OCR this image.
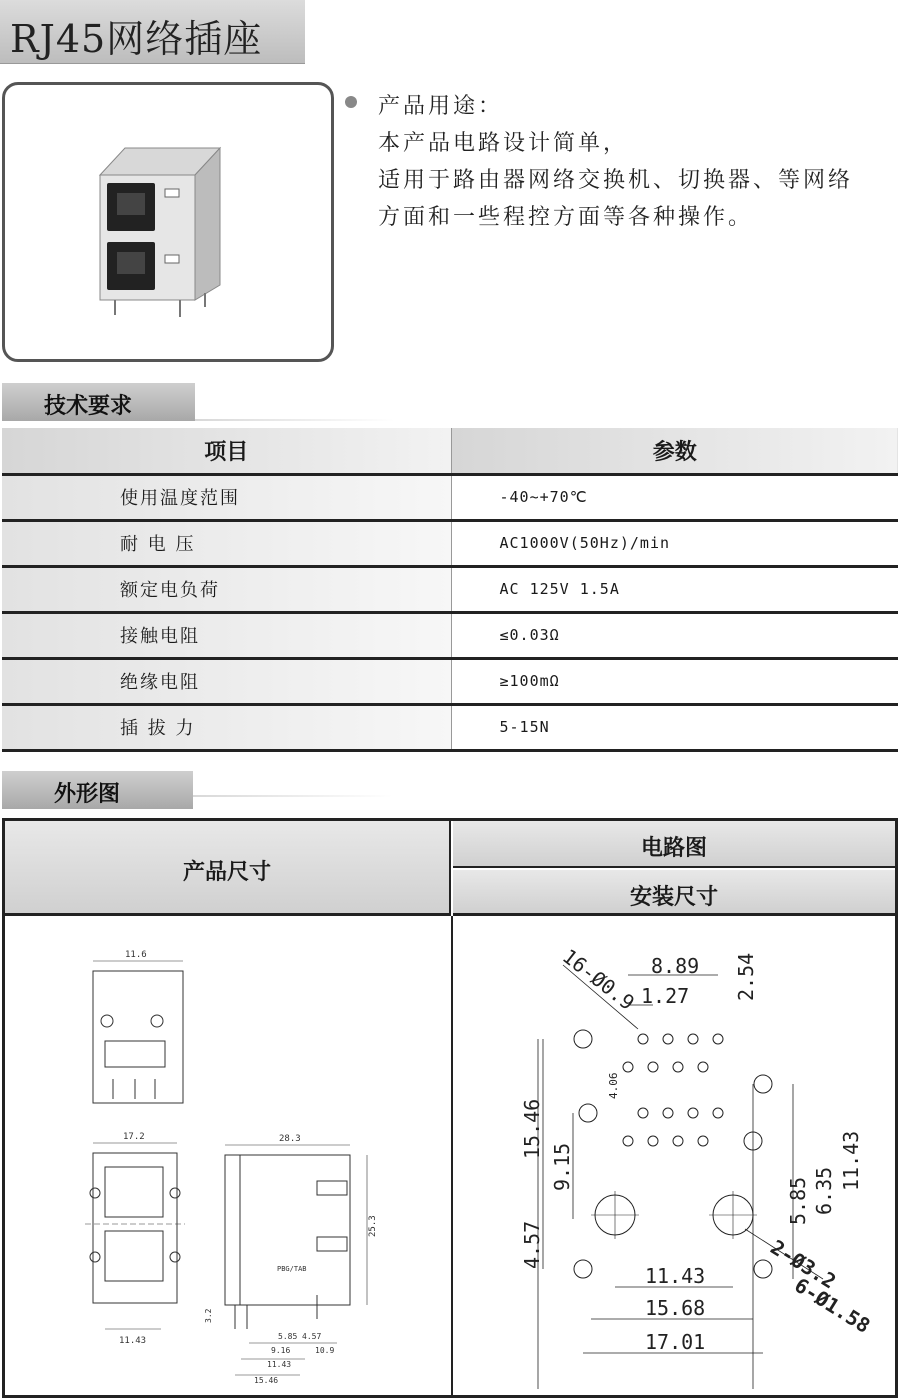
RJ45网络插座
产品用途：
本产品电路设计简单，
适用于路由器网络交换机、切换器、等网络
方面和一些程控方面等各种操作。
技术要求
项目	参数
使用温度范围	-40~+70℃
耐 电 压	AC1000V(50Hz)/min
额定电负荷	AC 125V 1.5A
接触电阻	≤0.03Ω
绝缘电阻	≥100mΩ
插 拔 力	5-15N
外形图
产品尺寸
电路图
安装尺寸
11.6
17.2
11.43
28.3
25.3
PBG/TAB
5.85 4.57
9.16	10.9
11.43
15.46
3.2
8.89
1.27 2.54
16-Ø0.9
15.46
9.15
4.57
4.06
11.43
6.35
5.85
11.43
15.68
17.01
2-Ø3.2
6-Ø1.58
